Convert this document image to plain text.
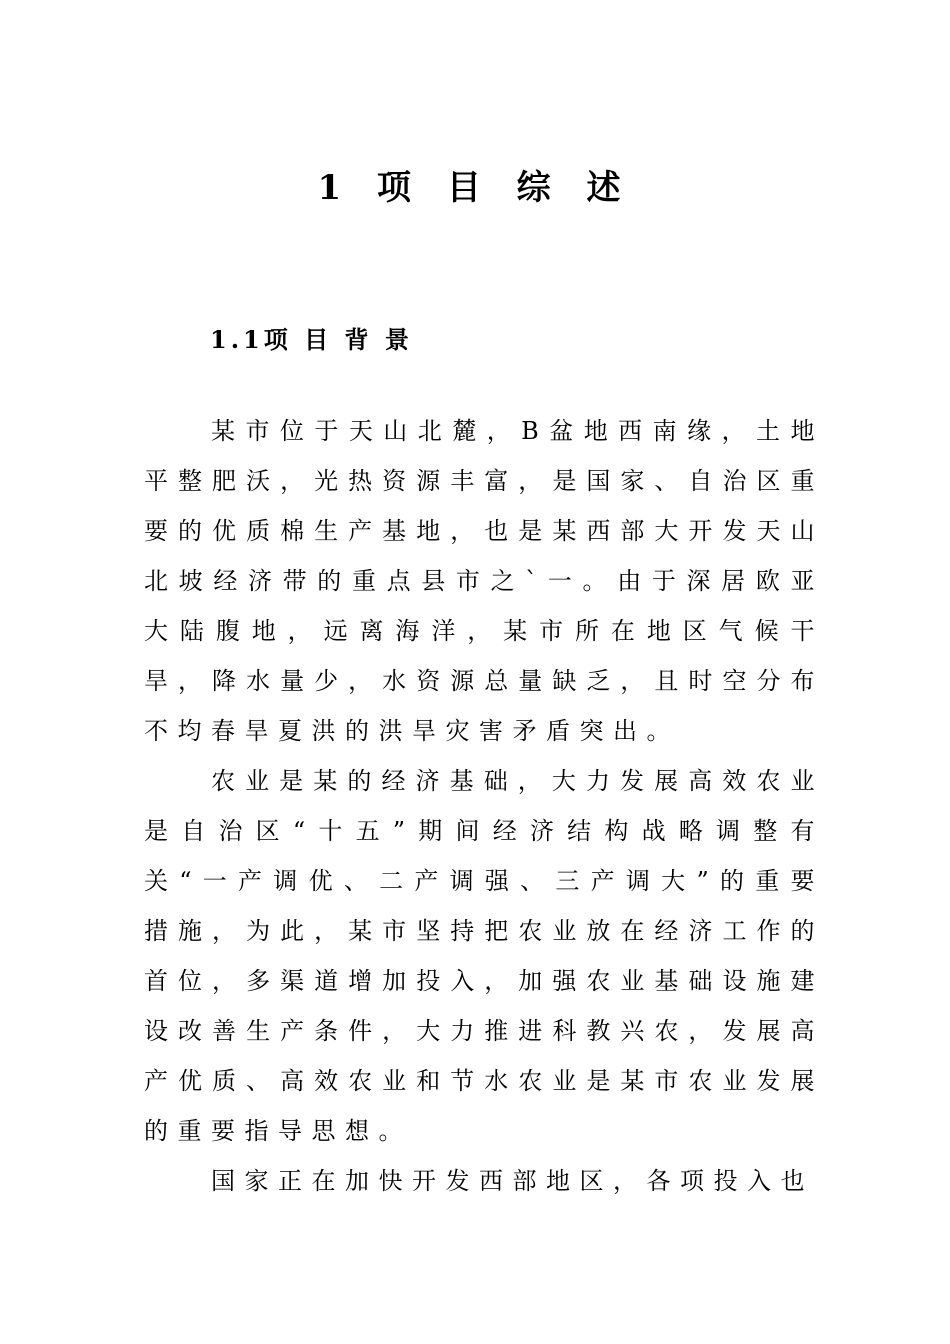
1 项 目 综 述
1.1项 目 背 景

某市位于天山北麓，B盆地西南缘，土地平整肥沃，光热资源丰富，是国家、自治区重要的优质棉生产基地，也是某西部大开发天山北坡经济带的重点县市之`一。由于深居欧亚大陆腹地，远离海洋，某市所在地区气候干旱，降水量少，水资源总量缺乏，且时空分布不均春旱夏洪的洪旱灾害矛盾突出。

农业是某的经济基础，大力发展高效农业是自治区“十五”期间经济结构战略调整有关“一产调优、二产调强、三产调大”的重要措施，为此，某市坚持把农业放在经济工作的首位，多渠道增加投入，加强农业基础设施建设改善生产条件，大力推进科教兴农，发展高产优质、高效农业和节水农业是某市农业发展的重要指导思想。

国家正在加快开发西部地区，各项投入也
